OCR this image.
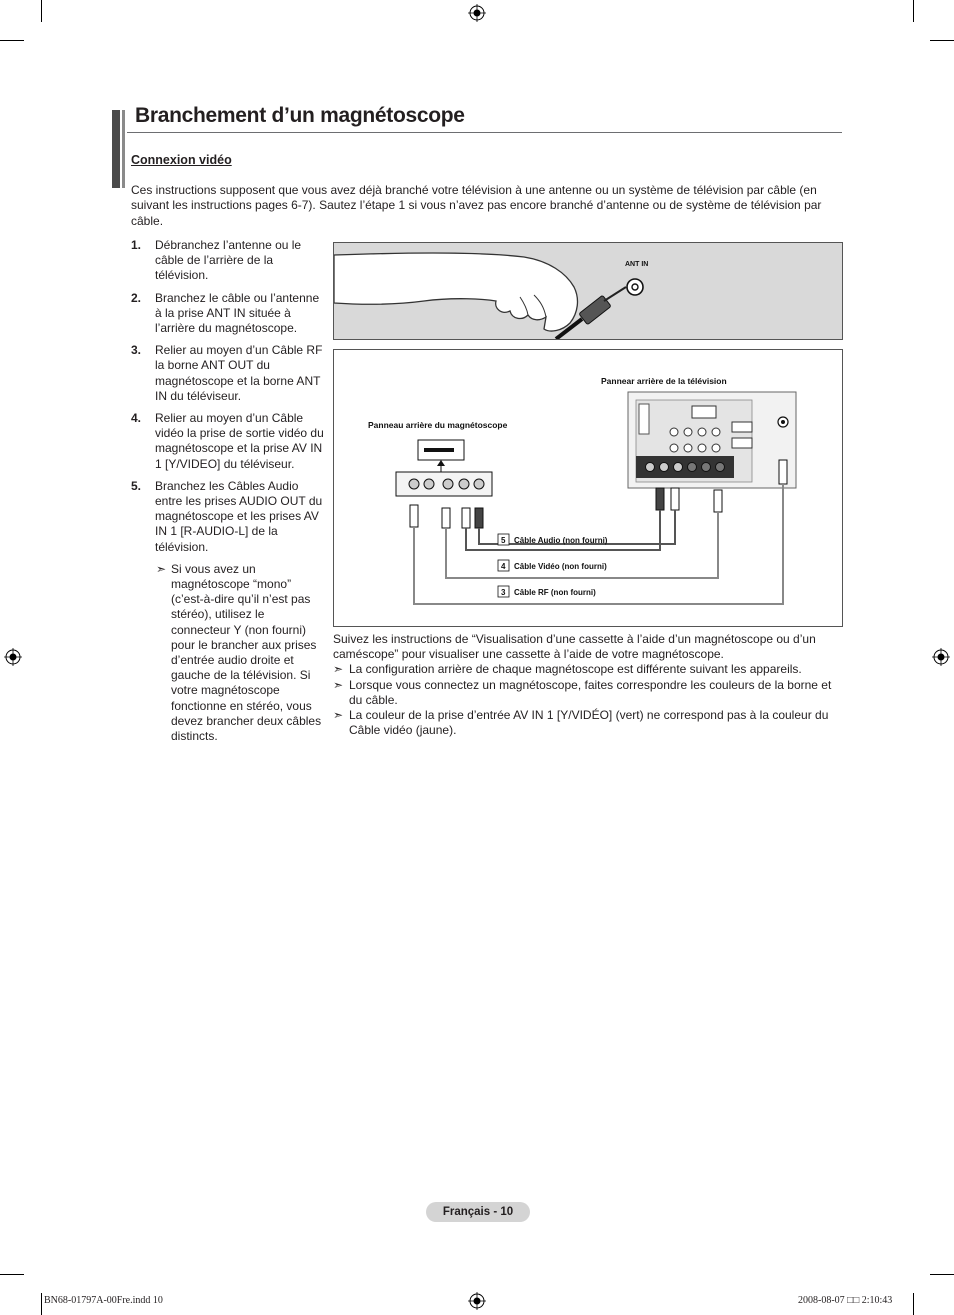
Branchement d’un magnétoscope
Connexion vidéo
Ces instructions supposent que vous avez déjà branché votre télévision à une antenne ou un système de télévision par câble (en suivant les instructions pages 6-7). Sautez l’étape 1 si vous n’avez pas encore branché d’antenne ou de système de télévision par câble.
1. Débranchez l’antenne ou le câble de l’arrière de la télévision.
2. Branchez le câble ou l’antenne à la prise ANT IN située à l’arrière du magnétoscope.
3. Relier au moyen d’un Câble RF la borne ANT OUT du magnétoscope et la borne ANT IN du téléviseur.
4. Relier au moyen d’un Câble vidéo la prise de sortie vidéo du magnétoscope et la prise AV IN 1 [Y/VIDEO] du téléviseur.
5. Branchez les Câbles Audio entre les prises AUDIO OUT du magnétoscope et les prises AV IN 1 [R-AUDIO-L] de la télévision.
➣ Si vous avez un magnétoscope “mono” (c’est-à-dire qu’il n’est pas stéréo), utilisez le connecteur Y (non fourni) pour le brancher aux prises d’entrée audio droite et gauche de la télévision. Si votre magnétoscope fonctionne en stéréo, vous devez brancher deux câbles distincts.
ANT IN
Pannear arrière de la télévision
Panneau arrière du magnétoscope
5 Câble Audio (non fourni)
4 Câble Vidéo (non fourni)
3 Câble RF (non fourni)
Suivez les instructions de “Visualisation d’une cassette à l’aide d’un magnétoscope ou d’un caméscope” pour visualiser une cassette à l’aide de votre magnétoscope.
➣ La configuration arrière de chaque magnétoscope est différente suivant les appareils.
➣ Lorsque vous connectez un magnétoscope, faites correspondre les couleurs de la borne et du câble.
➣ La couleur de la prise d’entrée AV IN 1 [Y/VIDÉO] (vert) ne correspond pas à la couleur du Câble vidéo (jaune).
Français - 10
BN68-01797A-00Fre.indd 10	2008-08-07 □□ 2:10:43
